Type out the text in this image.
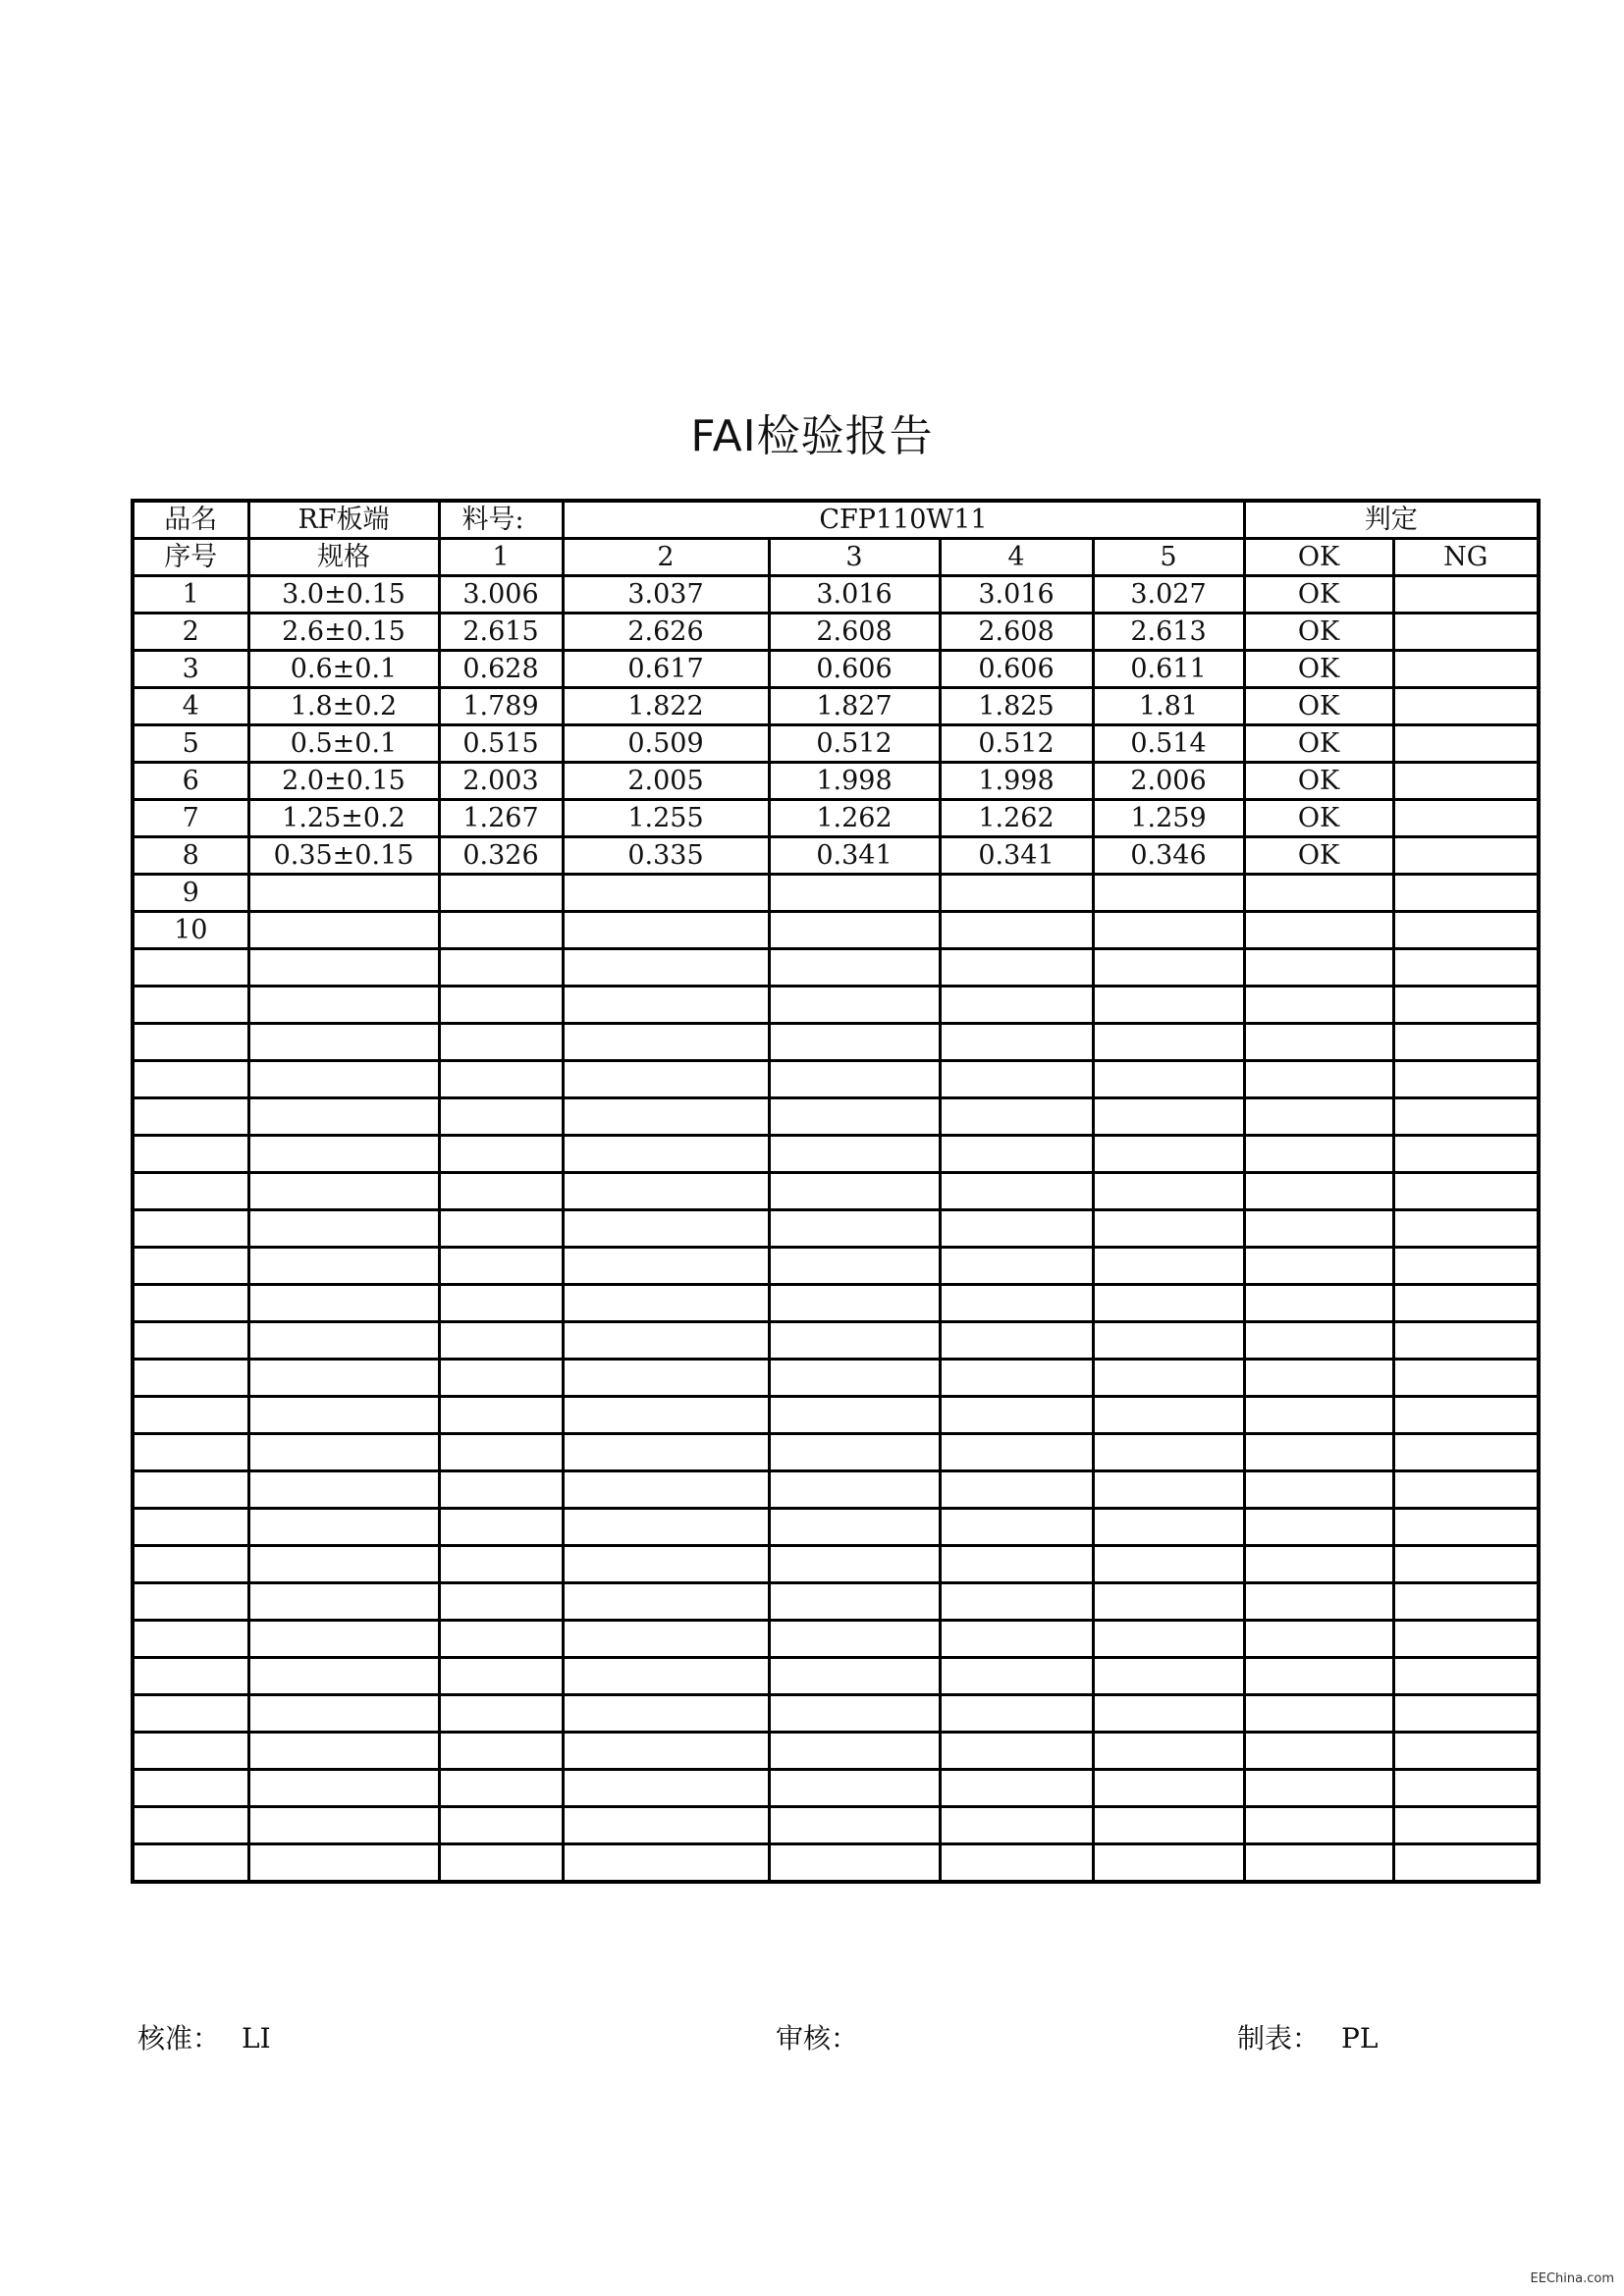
FAI检验报告
品名	RF板端	料号:	CFP110W11				判定	
序号	规格	1	2	3	4	5	OK	NG
1	3.0±0.15	3.006	3.037	3.016	3.016	3.027	OK	
2	2.6±0.15	2.615	2.626	2.608	2.608	2.613	OK	
3	0.6±0.1	0.628	0.617	0.606	0.606	0.611	OK	
4	1.8±0.2	1.789	1.822	1.827	1.825	1.81	OK	
5	0.5±0.1	0.515	0.509	0.512	0.512	0.514	OK	
6	2.0±0.15	2.003	2.005	1.998	1.998	2.006	OK	
7	1.25±0.2	1.267	1.255	1.262	1.262	1.259	OK	
8	0.35±0.15	0.326	0.335	0.341	0.341	0.346	OK	
9								
10								

核准： LI	审核：	制表： PL
EEChina.com
